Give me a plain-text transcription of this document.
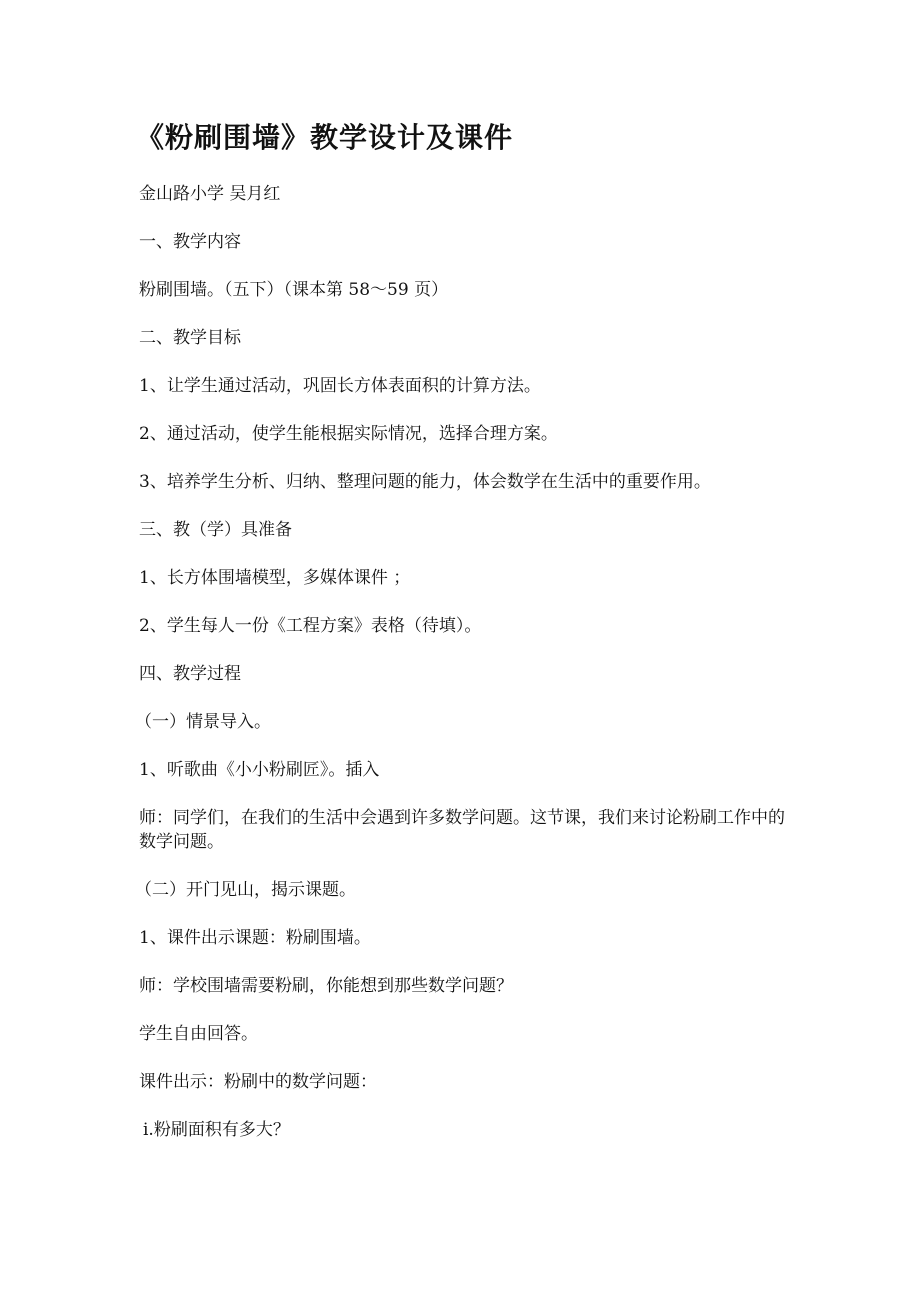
《粉刷围墙》教学设计及课件
金山路小学 吴月红
一、教学内容
粉刷围墙。（五下）（课本第 58～59 页）
二、教学目标
1、让学生通过活动，巩固长方体表面积的计算方法。
2、通过活动，使学生能根据实际情况，选择合理方案。
3、培养学生分析、归纳、整理问题的能力，体会数学在生活中的重要作用。
三、教（学）具准备
1、长方体围墙模型，多媒体课件 ；
2、学生每人一份《工程方案》表格（待填）。
四、教学过程
（一）情景导入。
1、听歌曲《小小粉刷匠》。插入
师：同学们，在我们的生活中会遇到许多数学问题。这节课，我们来讨论粉刷工作中的数学问题。
（二）开门见山，揭示课题。
1、课件出示课题：粉刷围墙。
师：学校围墙需要粉刷，你能想到那些数学问题？
学生自由回答。
课件出示：粉刷中的数学问题：
ⅰ.粉刷面积有多大？
